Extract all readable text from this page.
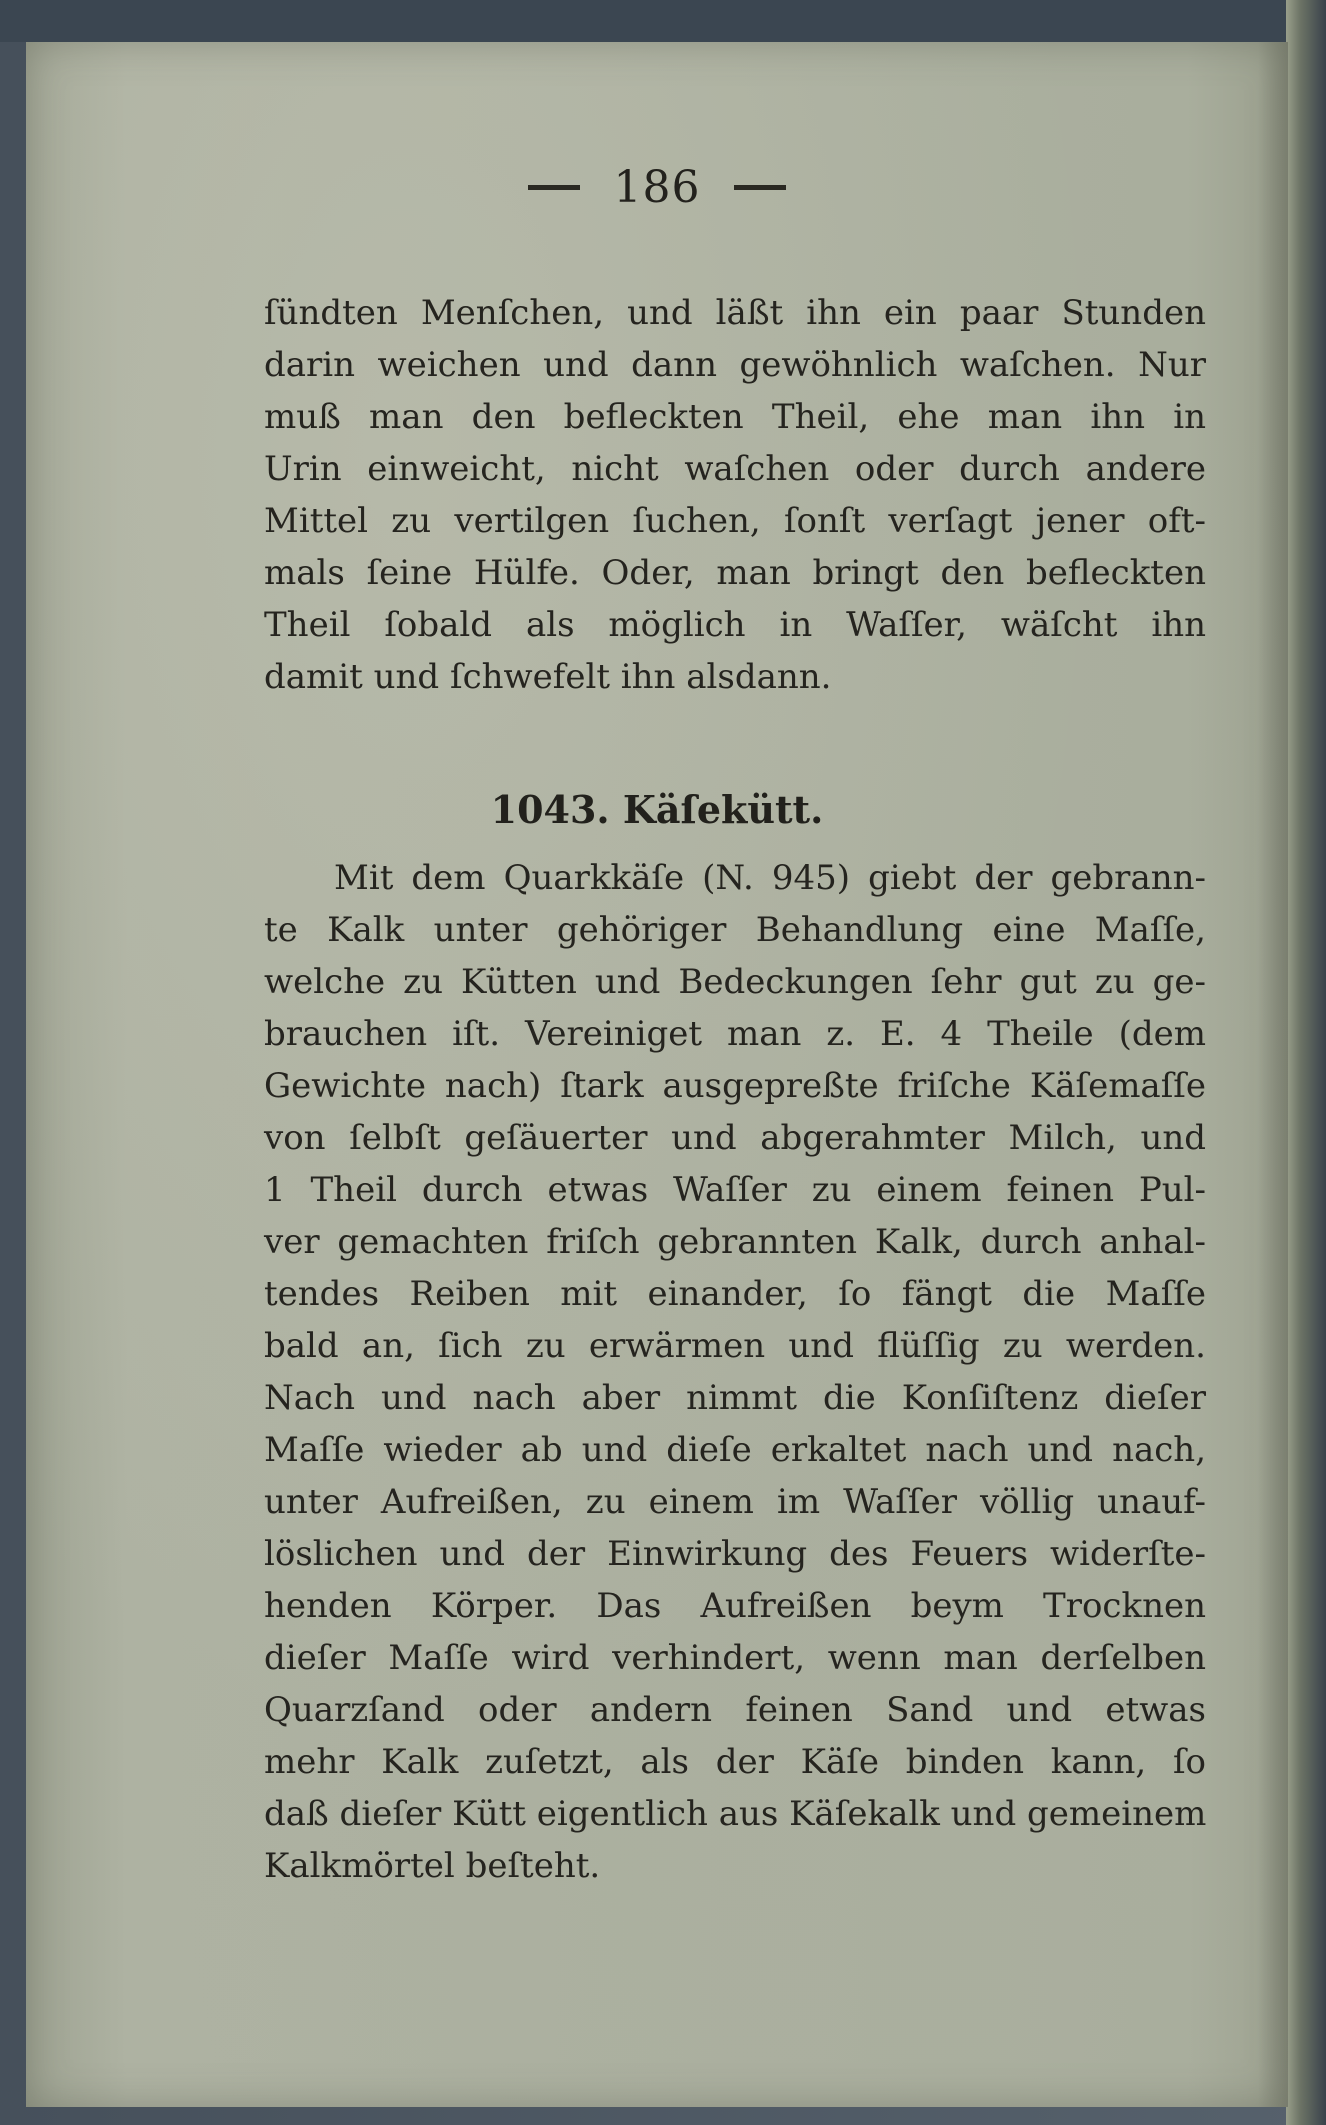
186
ſündten Menſchen, und läßt ihn ein paar Stunden
darin weichen und dann gewöhnlich waſchen. Nur
muß man den befleckten Theil, ehe man ihn in
Urin einweicht, nicht waſchen oder durch andere
Mittel zu vertilgen ſuchen, ſonſt verſagt jener oft-
mals ſeine Hülfe. Oder, man bringt den befleckten
Theil ſobald als möglich in Waſſer, wäſcht ihn
damit und ſchwefelt ihn alsdann.
1043. Käſekütt.
Mit dem Quarkkäſe (N. 945) giebt der gebrann-
te Kalk unter gehöriger Behandlung eine Maſſe,
welche zu Kütten und Bedeckungen ſehr gut zu ge-
brauchen iſt. Vereiniget man z. E. 4 Theile (dem
Gewichte nach) ſtark ausgepreßte friſche Käſemaſſe
von ſelbſt geſäuerter und abgerahmter Milch, und
1 Theil durch etwas Waſſer zu einem feinen Pul-
ver gemachten friſch gebrannten Kalk, durch anhal-
tendes Reiben mit einander, ſo fängt die Maſſe
bald an, ſich zu erwärmen und flüſſig zu werden.
Nach und nach aber nimmt die Konſiſtenz dieſer
Maſſe wieder ab und dieſe erkaltet nach und nach,
unter Aufreißen, zu einem im Waſſer völlig unauf-
löslichen und der Einwirkung des Feuers widerſte-
henden Körper. Das Aufreißen beym Trocknen
dieſer Maſſe wird verhindert, wenn man derſelben
Quarzſand oder andern feinen Sand und etwas
mehr Kalk zuſetzt, als der Käſe binden kann, ſo
daß dieſer Kütt eigentlich aus Käſekalk und gemeinem
Kalkmörtel beſteht.
